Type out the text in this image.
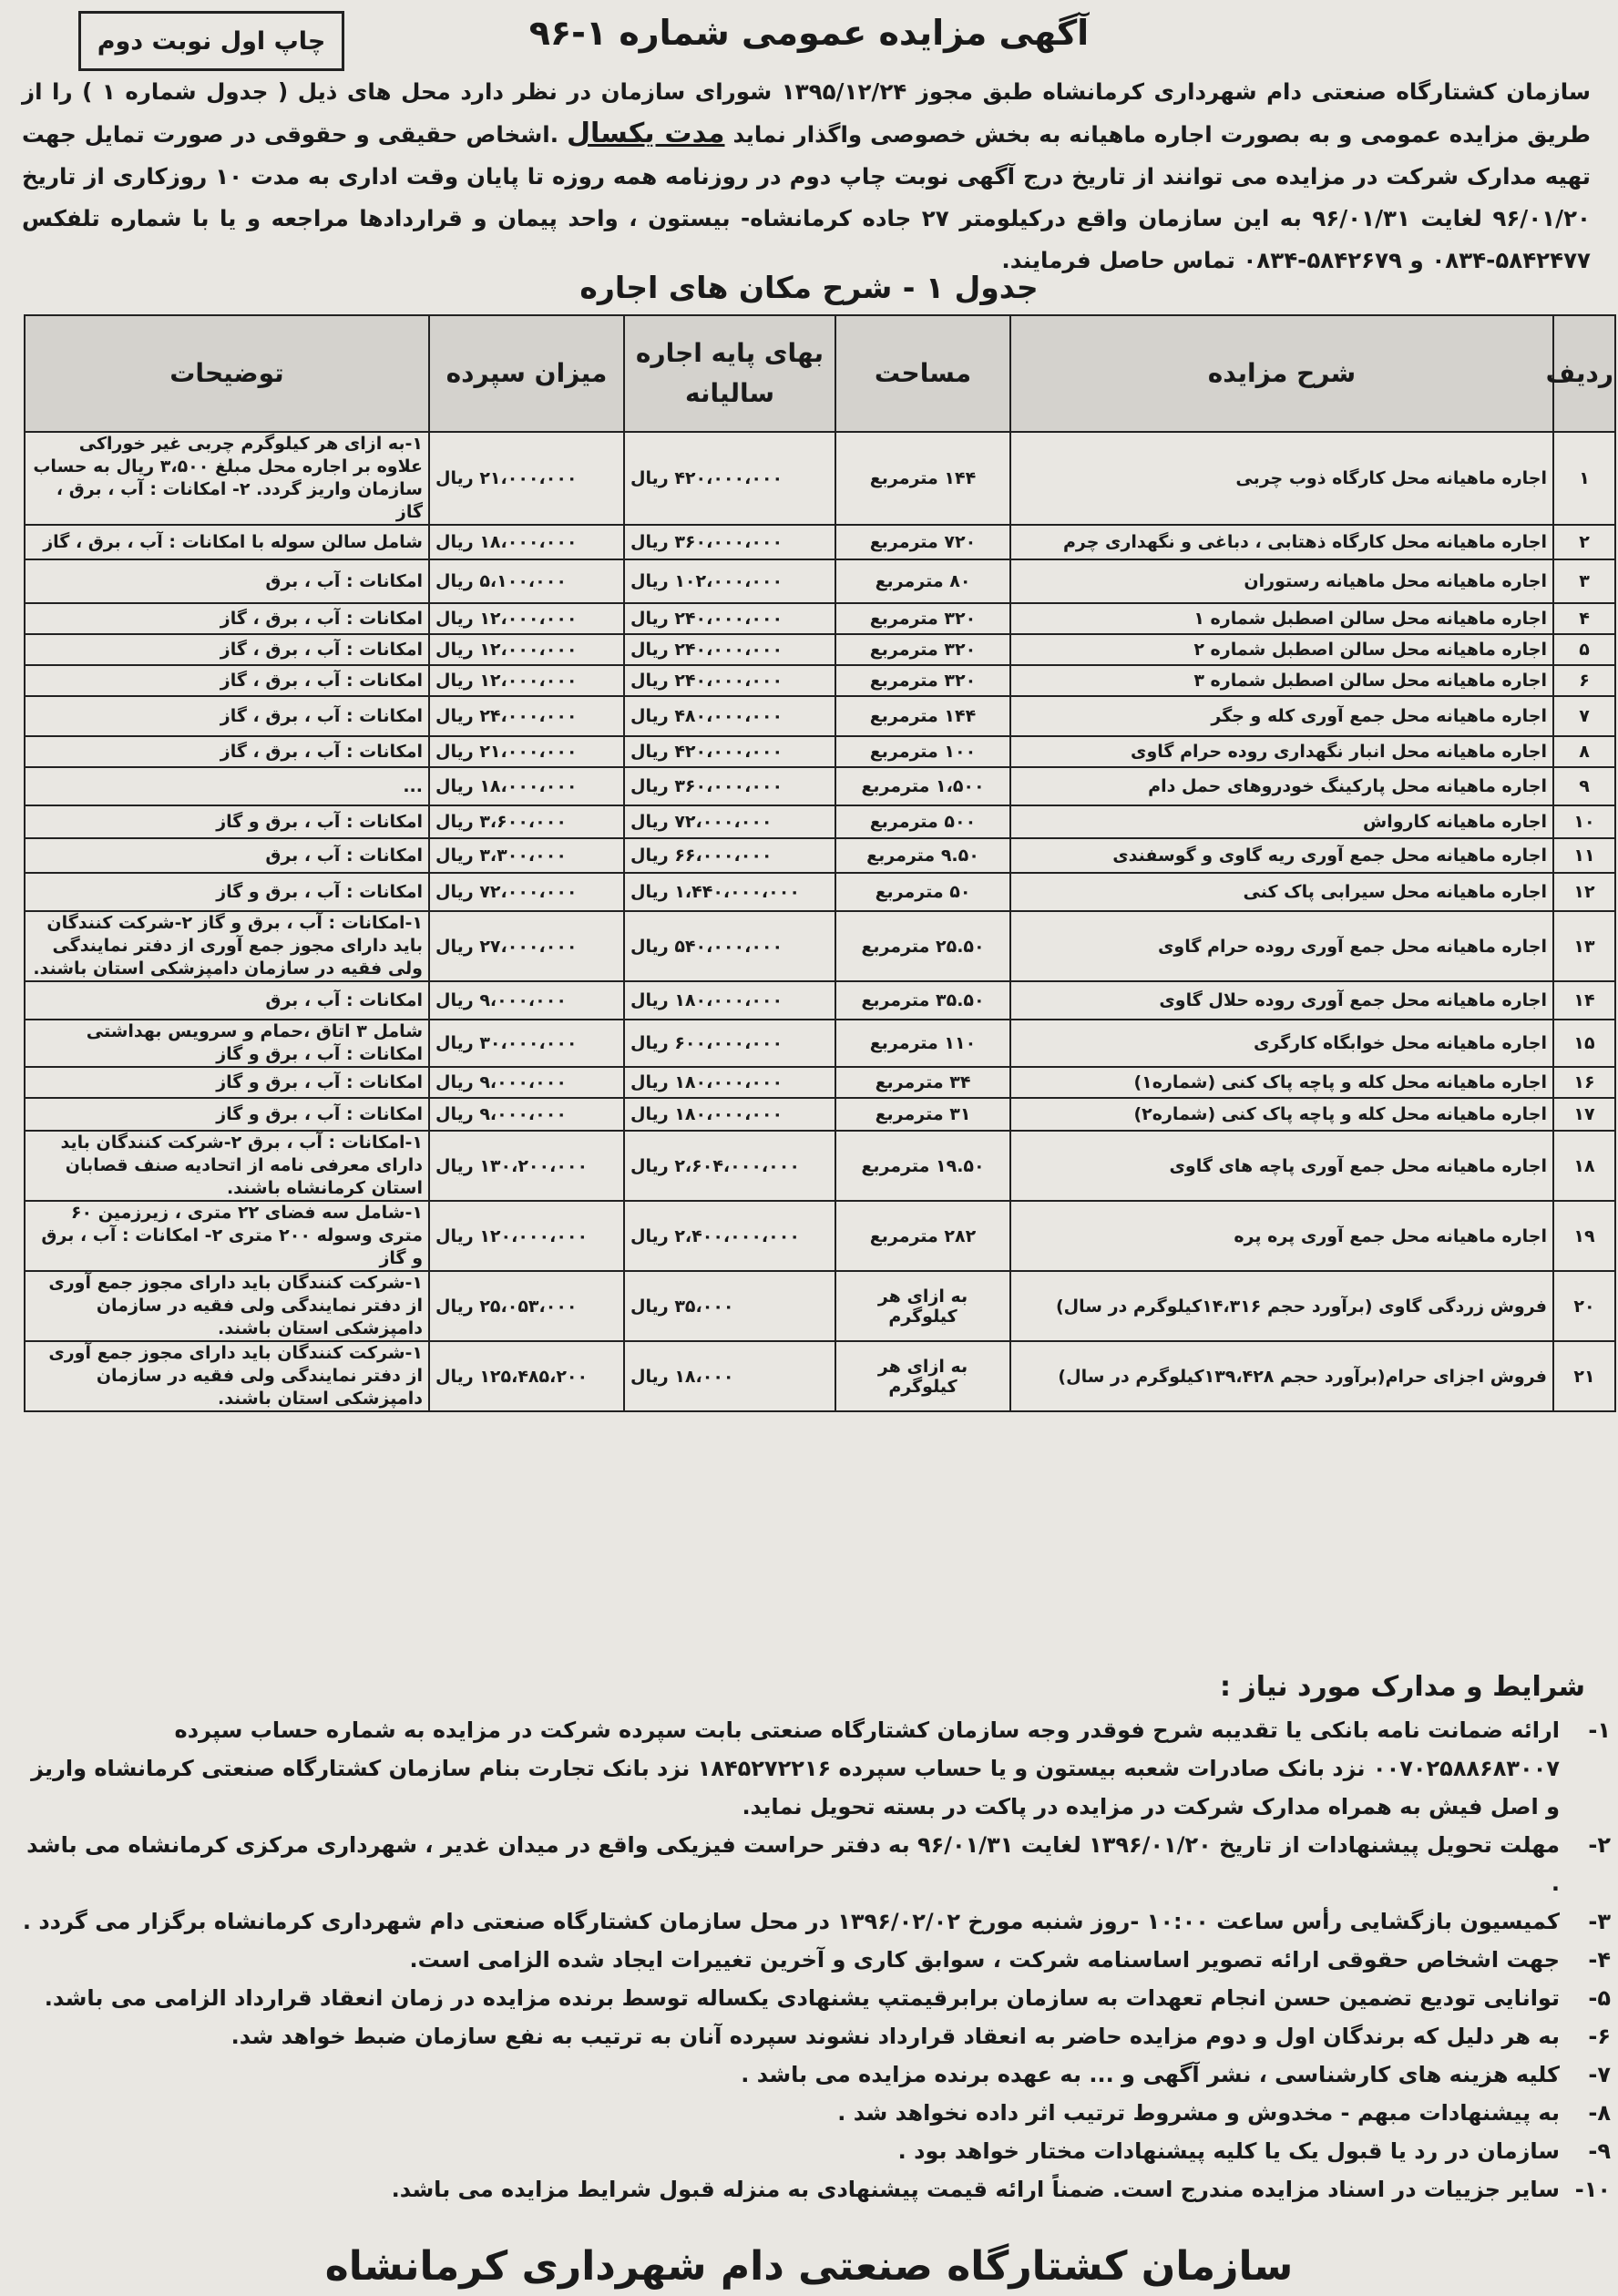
چاپ اول نوبت دوم	آگهی مزایده عمومی شماره ۱-۹۶
سازمان کشتارگاه صنعتی دام شهرداری کرمانشاه طبق مجوز ۱۳۹۵/۱۲/۲۴ شورای سازمان در نظر دارد محل های ذیل ( جدول شماره ۱ ) را از طریق مزایده عمومی و به بصورت اجاره ماهیانه به بخش خصوصی واگذار نماید مدت یکسال .اشخاص حقیقی و حقوقی در صورت تمایل جهت تهیه مدارک شرکت در مزایده می توانند از تاریخ درج آگهی نوبت چاپ دوم در روزنامه همه روزه تا پایان وقت اداری به مدت ۱۰ روزکاری از تاریخ ۹۶/۰۱/۲۰ لغایت ۹۶/۰۱/۳۱ به این سازمان واقع درکیلومتر ۲۷ جاده کرمانشاه- بیستون ، واحد پیمان و قراردادها مراجعه و یا با شماره تلفکس ۵۸۴۲۴۷۷-۰۸۳۴ و ۵۸۴۲۶۷۹-۰۸۳۴ تماس حاصل فرمایند.
جدول ۱ - شرح مکان های اجاره
ردیف	شرح مزایده	مساحت	بهای پایه اجاره سالیانه	میزان سپرده	توضیحات
۱	اجاره ماهیانه محل کارگاه ذوب چربی	۱۴۴ مترمربع	۴۲۰،۰۰۰،۰۰۰ ریال	۲۱،۰۰۰،۰۰۰ ریال	۱-به ازای هر کیلوگرم چربی غیر خوراکی علاوه بر اجاره محل مبلغ ۳،۵۰۰ ریال به حساب سازمان واریز گردد. ۲- امکانات : آب ، برق ، گاز
۲	اجاره ماهیانه محل کارگاه ذهتابی ، دباغی و نگهداری چرم	۷۲۰ مترمربع	۳۶۰،۰۰۰،۰۰۰ ریال	۱۸،۰۰۰،۰۰۰ ریال	شامل سالن سوله با امکانات : آب ، برق ، گاز
۳	اجاره ماهیانه محل ماهیانه رستوران	۸۰ مترمربع	۱۰۲،۰۰۰،۰۰۰ ریال	۵،۱۰۰،۰۰۰ ریال	امکانات : آب ، برق
۴	اجاره ماهیانه محل سالن اصطبل شماره ۱	۳۲۰ مترمربع	۲۴۰،۰۰۰،۰۰۰ ریال	۱۲،۰۰۰،۰۰۰ ریال	امکانات : آب ، برق ، گاز
۵	اجاره ماهیانه محل سالن اصطبل شماره ۲	۳۲۰ مترمربع	۲۴۰،۰۰۰،۰۰۰ ریال	۱۲،۰۰۰،۰۰۰ ریال	امکانات : آب ، برق ، گاز
۶	اجاره ماهیانه محل سالن اصطبل شماره ۳	۳۲۰ مترمربع	۲۴۰،۰۰۰،۰۰۰ ریال	۱۲،۰۰۰،۰۰۰ ریال	امکانات : آب ، برق ، گاز
۷	اجاره ماهیانه محل جمع آوری کله و جگر	۱۴۴ مترمربع	۴۸۰،۰۰۰،۰۰۰ ریال	۲۴،۰۰۰،۰۰۰ ریال	امکانات : آب ، برق ، گاز
۸	اجاره ماهیانه محل انبار نگهداری روده حرام گاوی	۱۰۰ مترمربع	۴۲۰،۰۰۰،۰۰۰ ریال	۲۱،۰۰۰،۰۰۰ ریال	امکانات : آب ، برق ، گاز
۹	اجاره ماهیانه محل پارکینگ خودروهای حمل دام	۱،۵۰۰ مترمربع	۳۶۰،۰۰۰،۰۰۰ ریال	۱۸،۰۰۰،۰۰۰ ریال	...
۱۰	اجاره ماهیانه کارواش	۵۰۰ مترمربع	۷۲،۰۰۰،۰۰۰ ریال	۳،۶۰۰،۰۰۰ ریال	امکانات : آب ، برق و گاز
۱۱	اجاره ماهیانه محل جمع آوری ریه گاوی و گوسفندی	۹.۵۰ مترمربع	۶۶،۰۰۰،۰۰۰ ریال	۳،۳۰۰،۰۰۰ ریال	امکانات : آب ، برق
۱۲	اجاره ماهیانه محل سیرابی پاک کنی	۵۰ مترمربع	۱،۴۴۰،۰۰۰،۰۰۰ ریال	۷۲،۰۰۰،۰۰۰ ریال	امکانات : آب ، برق و گاز
۱۳	اجاره ماهیانه محل جمع آوری روده حرام گاوی	۲۵.۵۰ مترمربع	۵۴۰،۰۰۰،۰۰۰ ریال	۲۷،۰۰۰،۰۰۰ ریال	۱-امکانات : آب ، برق و گاز ۲-شرکت کنندگان باید دارای مجوز جمع آوری از دفتر نمایندگی ولی فقیه در سازمان دامپزشکی استان باشند.
۱۴	اجاره ماهیانه محل جمع آوری روده حلال گاوی	۳۵.۵۰ مترمربع	۱۸۰،۰۰۰،۰۰۰ ریال	۹،۰۰۰،۰۰۰ ریال	امکانات : آب ، برق
۱۵	اجاره ماهیانه محل خوابگاه کارگری	۱۱۰ مترمربع	۶۰۰،۰۰۰،۰۰۰ ریال	۳۰،۰۰۰،۰۰۰ ریال	شامل ۳ اتاق ،حمام و سرویس بهداشتی امکانات : آب ، برق و گاز
۱۶	اجاره ماهیانه محل کله و پاچه پاک کنی (شماره۱)	۳۴ مترمربع	۱۸۰،۰۰۰،۰۰۰ ریال	۹،۰۰۰،۰۰۰ ریال	امکانات : آب ، برق و گاز
۱۷	اجاره ماهیانه محل کله و پاچه پاک کنی (شماره۲)	۳۱ مترمربع	۱۸۰،۰۰۰،۰۰۰ ریال	۹،۰۰۰،۰۰۰ ریال	امکانات : آب ، برق و گاز
۱۸	اجاره ماهیانه محل جمع آوری پاچه های گاوی	۱۹.۵۰ مترمربع	۲،۶۰۴،۰۰۰،۰۰۰ ریال	۱۳۰،۲۰۰،۰۰۰ ریال	۱-امکانات : آب ، برق ۲-شرکت کنندگان باید دارای معرفی نامه از اتحادیه صنف قصابان استان کرمانشاه باشند.
۱۹	اجاره ماهیانه محل جمع آوری پره پره	۲۸۲ مترمربع	۲،۴۰۰،۰۰۰،۰۰۰ ریال	۱۲۰،۰۰۰،۰۰۰ ریال	۱-شامل سه فضای ۲۲ متری ، زیرزمین ۶۰ متری وسوله ۲۰۰ متری ۲- امکانات : آب ، برق و گاز
۲۰	فروش زردگی گاوی (برآورد حجم ۱۴،۳۱۶کیلوگرم در سال)	به ازای هر کیلوگرم	۳۵،۰۰۰ ریال	۲۵،۰۵۳،۰۰۰ ریال	۱-شرکت کنندگان باید دارای مجوز جمع آوری از دفتر نمایندگی ولی فقیه در سازمان دامپزشکی استان باشند.
۲۱	فروش اجزای حرام(برآورد حجم ۱۳۹،۴۲۸کیلوگرم در سال)	به ازای هر کیلوگرم	۱۸،۰۰۰ ریال	۱۲۵،۴۸۵،۲۰۰ ریال	۱-شرکت کنندگان باید دارای مجوز جمع آوری از دفتر نمایندگی ولی فقیه در سازمان دامپزشکی استان باشند.
شرایط و مدارک مورد نیاز :
۱-
ارائه ضمانت نامه بانکی یا تقدیبه شرح فوقدر وجه سازمان کشتارگاه صنعتی بابت سپرده شرکت در مزایده به شماره حساب سپرده ۰۰۷۰۲۵۸۸۶۸۳۰۰۷ نزد بانک صادرات شعبه بیستون و یا حساب سپرده ۱۸۴۵۲۷۲۲۱۶ نزد بانک تجارت بنام سازمان کشتارگاه صنعتی کرمانشاه واریز و اصل فیش به همراه مدارک شرکت در مزایده در پاکت در بسته تحویل نماید.
۲-
مهلت تحویل پیشنهادات از تاریخ ۱۳۹۶/۰۱/۲۰ لغایت ۹۶/۰۱/۳۱ به دفتر حراست فیزیکی واقع در میدان غدیر ، شهرداری مرکزی کرمانشاه می باشد .
۳-
کمیسیون بازگشایی رأس ساعت ۱۰:۰۰ -روز شنبه مورخ ۱۳۹۶/۰۲/۰۲ در محل سازمان کشتارگاه صنعتی دام شهرداری کرمانشاه برگزار می گردد .
۴-
جهت اشخاص حقوقی ارائه تصویر اساسنامه شرکت ، سوابق کاری و آخرین تغییرات ایجاد شده الزامی است.
۵-
توانایی تودیع تضمین حسن انجام تعهدات به سازمان برابرقیمتپ یشنهادی یکساله توسط برنده مزایده در زمان انعقاد قرارداد الزامی می باشد.
۶-
به هر دلیل که برندگان اول و دوم مزایده حاضر به انعقاد قرارداد نشوند سپرده آنان به ترتیب به نفع سازمان ضبط خواهد شد.
۷-
کلیه هزینه های کارشناسی ، نشر آگهی و ... به عهده برنده مزایده می باشد .
۸-
به پیشنهادات مبهم - مخدوش و مشروط ترتیب اثر داده نخواهد شد .
۹-
سازمان در رد یا قبول یک یا کلیه پیشنهادات مختار خواهد بود .
۱۰-
سایر جزییات در اسناد مزایده مندرج است. ضمناً ارائه قیمت پیشنهادی به منزله قبول شرایط مزایده می باشد.
سازمان کشتارگاه صنعتی دام شهرداری کرمانشاه
